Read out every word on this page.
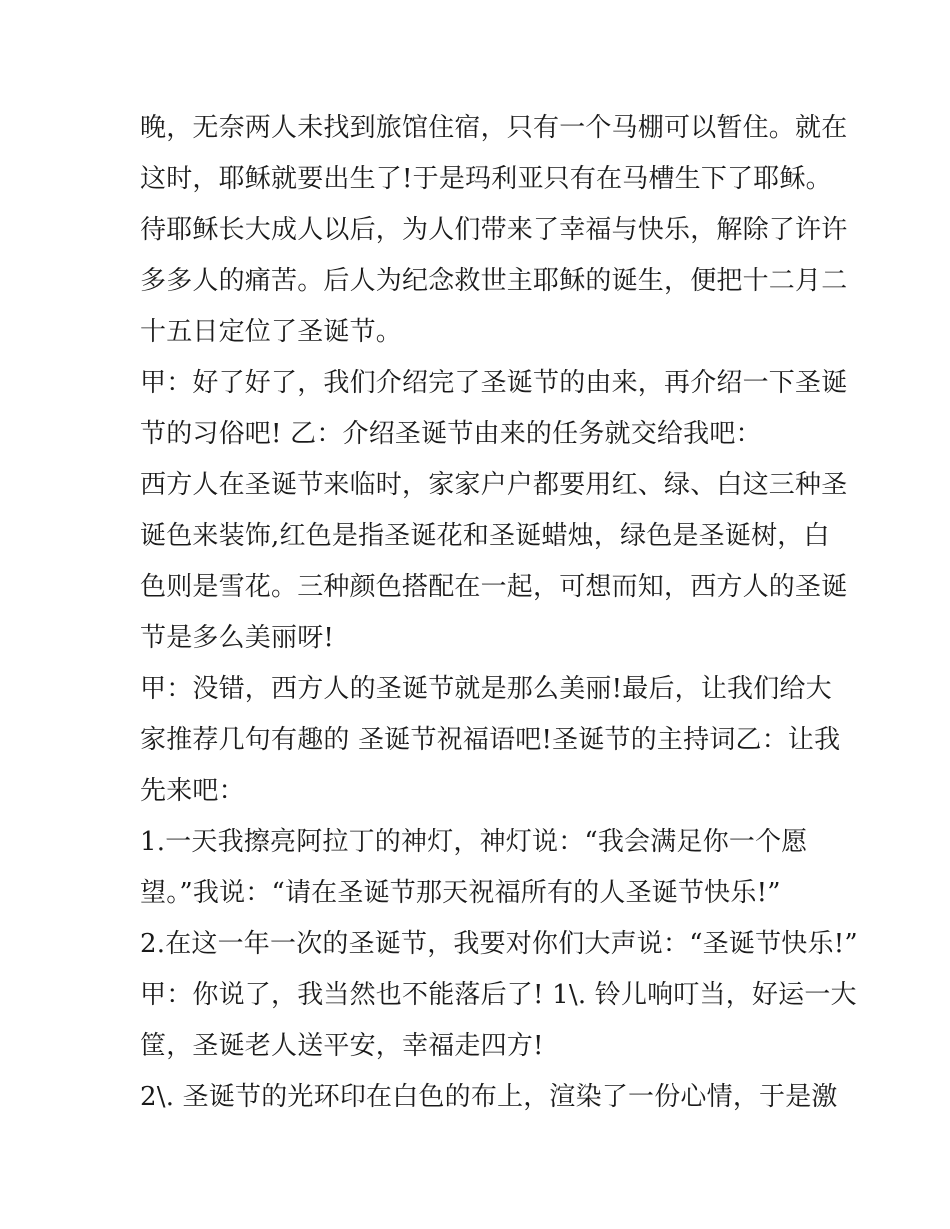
晚，无奈两人未找到旅馆住宿，只有一个马棚可以暂住。就在
这时，耶稣就要出生了!于是玛利亚只有在马槽生下了耶稣。
待耶稣长大成人以后，为人们带来了幸福与快乐，解除了许许
多多人的痛苦。后人为纪念救世主耶稣的诞生，便把十二月二
十五日定位了圣诞节。
甲：好了好了，我们介绍完了圣诞节的由来，再介绍一下圣诞
节的习俗吧! 乙：介绍圣诞节由来的任务就交给我吧：
西方人在圣诞节来临时，家家户户都要用红、绿、白这三种圣
诞色来装饰,红色是指圣诞花和圣诞蜡烛，绿色是圣诞树，白
色则是雪花。三种颜色搭配在一起，可想而知，西方人的圣诞
节是多么美丽呀!
甲：没错，西方人的圣诞节就是那么美丽!最后，让我们给大
家推荐几句有趣的 圣诞节祝福语吧!圣诞节的主持词乙：让我
先来吧：
1.一天我擦亮阿拉丁的神灯，神灯说：“我会满足你一个愿
望。”我说：“请在圣诞节那天祝福所有的人圣诞节快乐!”
2.在这一年一次的圣诞节，我要对你们大声说：“圣诞节快乐!”
甲：你说了，我当然也不能落后了! 1\. 铃儿响叮当，好运一大
筐，圣诞老人送平安，幸福走四方!
2\. 圣诞节的光环印在白色的布上，渲染了一份心情，于是激
